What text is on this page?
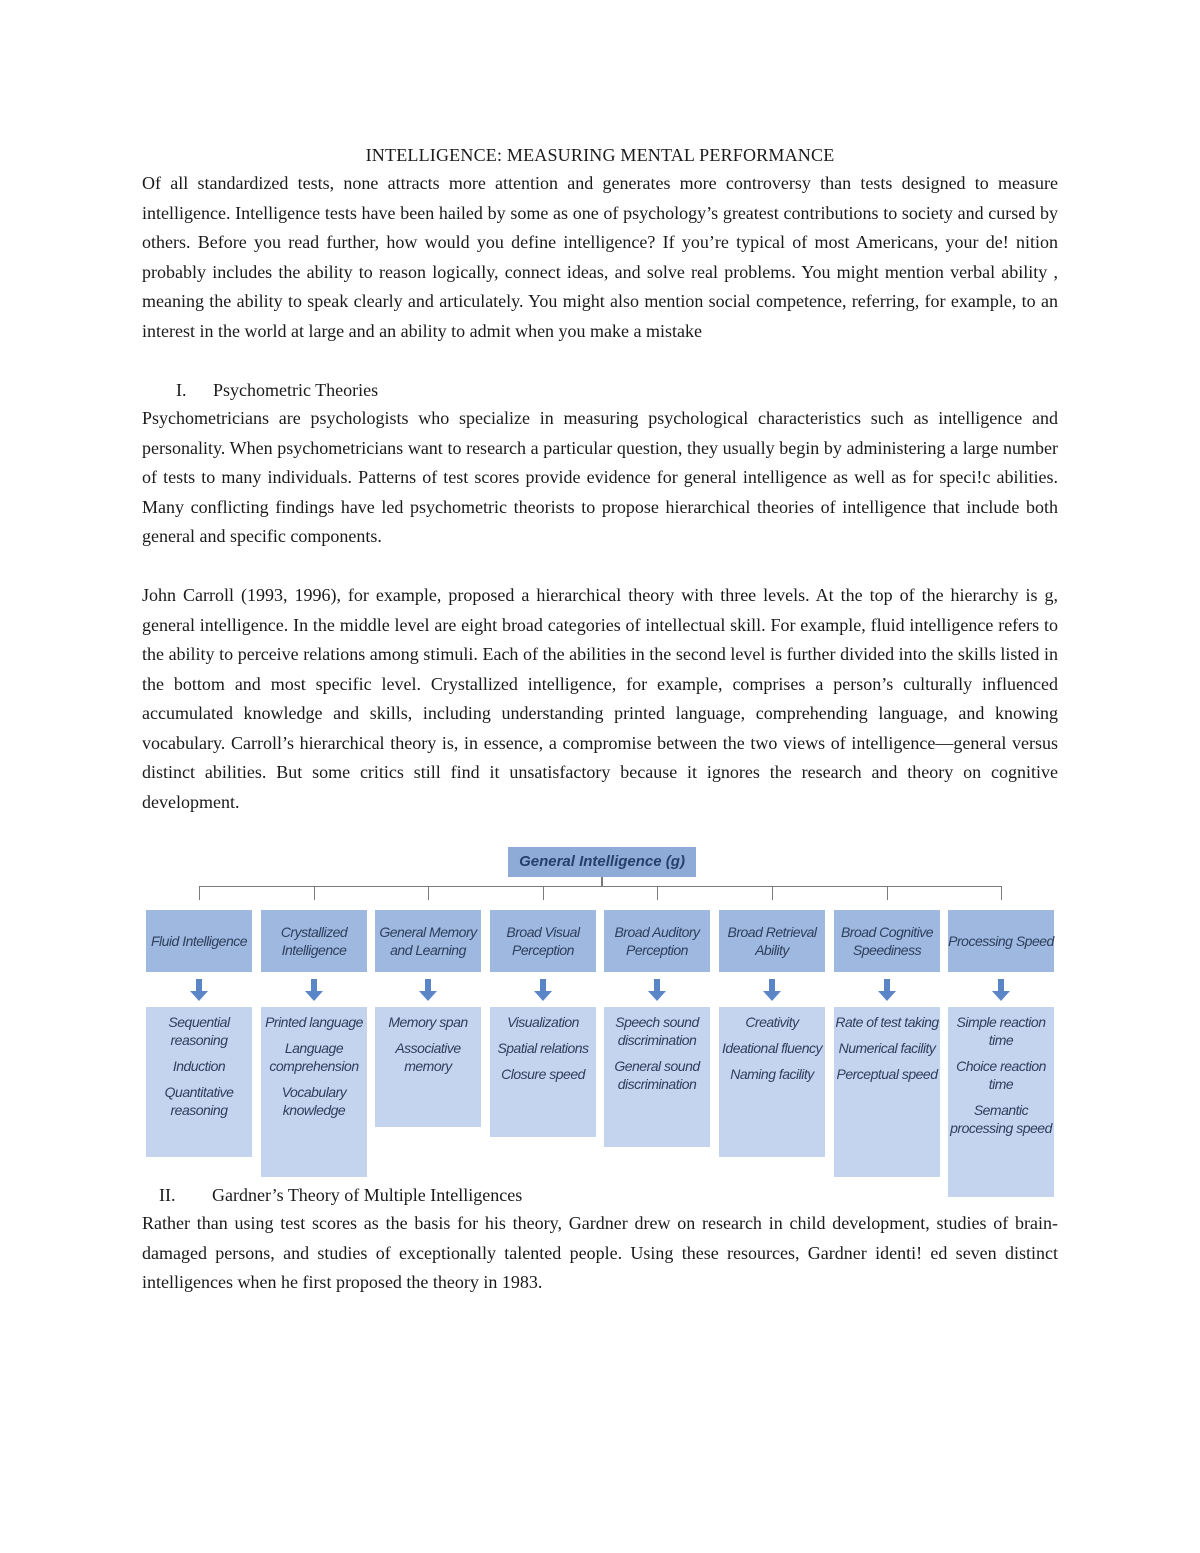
INTELLIGENCE: MEASURING MENTAL PERFORMANCE

Of all standardized tests, none attracts more attention and generates more controversy than tests designed to measure intelligence. Intelligence tests have been hailed by some as one of psychology’s greatest contributions to society and cursed by others. Before you read further, how would you define intelligence? If you’re typical of most Americans, your de! nition probably includes the ability to reason logically, connect ideas, and solve real problems. You might mention verbal ability , meaning the ability to speak clearly and articulately. You might also mention social competence, referring, for example, to an interest in the world at large and an ability to admit when you make a mistake

I. Psychometric Theories

Psychometricians are psychologists who specialize in measuring psychological characteristics such as intelligence and personality. When psychometricians want to research a particular question, they usually begin by administering a large number of tests to many individuals. Patterns of test scores provide evidence for general intelligence as well as for speci!c abilities. Many conflicting findings have led psychometric theorists to propose hierarchical theories of intelligence that include both general and specific components.

John Carroll (1993, 1996), for example, proposed a hierarchical theory with three levels. At the top of the hierarchy is g, general intelligence. In the middle level are eight broad categories of intellectual skill. For example, fluid intelligence refers to the ability to perceive relations among stimuli. Each of the abilities in the second level is further divided into the skills listed in the bottom and most specific level. Crystallized intelligence, for example, comprises a person’s culturally influenced accumulated knowledge and skills, including understanding printed language, comprehending language, and knowing vocabulary. Carroll’s hierarchical theory is, in essence, a compromise between the two views of intelligence—general versus distinct abilities. But some critics still find it unsatisfactory because it ignores the research and theory on cognitive development.

General Intelligence (g)
Fluid Intelligence
Sequential reasoning
Induction
Quantitative reasoning
Crystallized Intelligence
Printed language
Language comprehension
Vocabulary knowledge
General Memory and Learning
Memory span
Associative memory
Broad Visual Perception
Visualization
Spatial relations
Closure speed
Broad Auditory Perception
Speech sound discrimination
General sound discrimination
Broad Retrieval Ability
Creativity
Ideational fluency
Naming facility
Broad Cognitive Speediness
Rate of test taking
Numerical facility
Perceptual speed
Processing Speed
Simple reaction time
Choice reaction time
Semantic processing speed
II. Gardner’s Theory of Multiple Intelligences

Rather than using test scores as the basis for his theory, Gardner drew on research in child development, studies of brain-damaged persons, and studies of exceptionally talented people. Using these resources, Gardner identi! ed seven distinct intelligences when he first proposed the theory in 1983.
